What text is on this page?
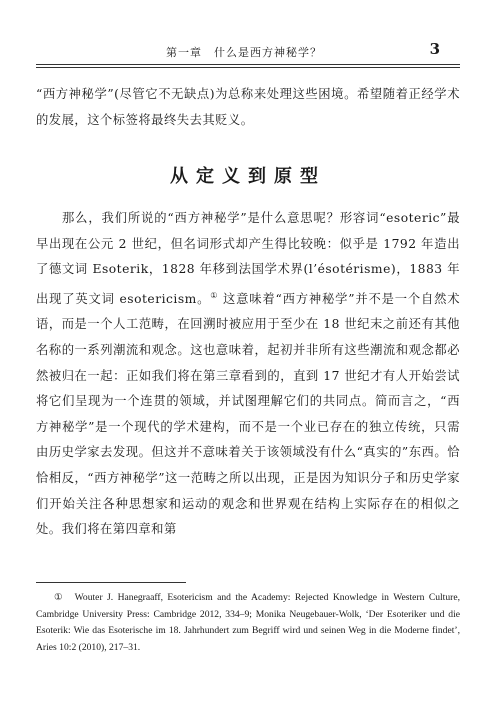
第一章　什么是西方神秘学？	3
“西方神秘学”(尽管它不无缺点)为总称来处理这些困境。希望随着正经学术的发展，这个标签将最终失去其贬义。
从定义到原型
那么，我们所说的“西方神秘学”是什么意思呢？形容词“esoteric”最早出现在公元 2 世纪，但名词形式却产生得比较晚：似乎是 1792 年造出了德文词 Esoterik，1828 年移到法国学术界(l’ésotérisme)，1883 年出现了英文词 esotericism。① 这意味着“西方神秘学”并不是一个自然术语，而是一个人工范畴，在回溯时被应用于至少在 18 世纪末之前还有其他名称的一系列潮流和观念。这也意味着，起初并非所有这些潮流和观念都必然被归在一起：正如我们将在第三章看到的，直到 17 世纪才有人开始尝试将它们呈现为一个连贯的领域，并试图理解它们的共同点。简而言之，“西方神秘学”是一个现代的学术建构，而不是一个业已存在的独立传统，只需由历史学家去发现。但这并不意味着关于该领域没有什么“真实的”东西。恰恰相反，“西方神秘学”这一范畴之所以出现，正是因为知识分子和历史学家们开始关注各种思想家和运动的观念和世界观在结构上实际存在的相似之处。我们将在第四章和第
① Wouter J. Hanegraaff, Esotericism and the Academy: Rejected Knowledge in Western Culture, Cambridge University Press: Cambridge 2012, 334–9; Monika Neugebauer-Wolk, ‘Der Esoteriker und die Esoterik: Wie das Esoterische im 18. Jahrhundert zum Begriff wird und seinen Weg in die Moderne findet’, Aries 10:2 (2010), 217–31.
